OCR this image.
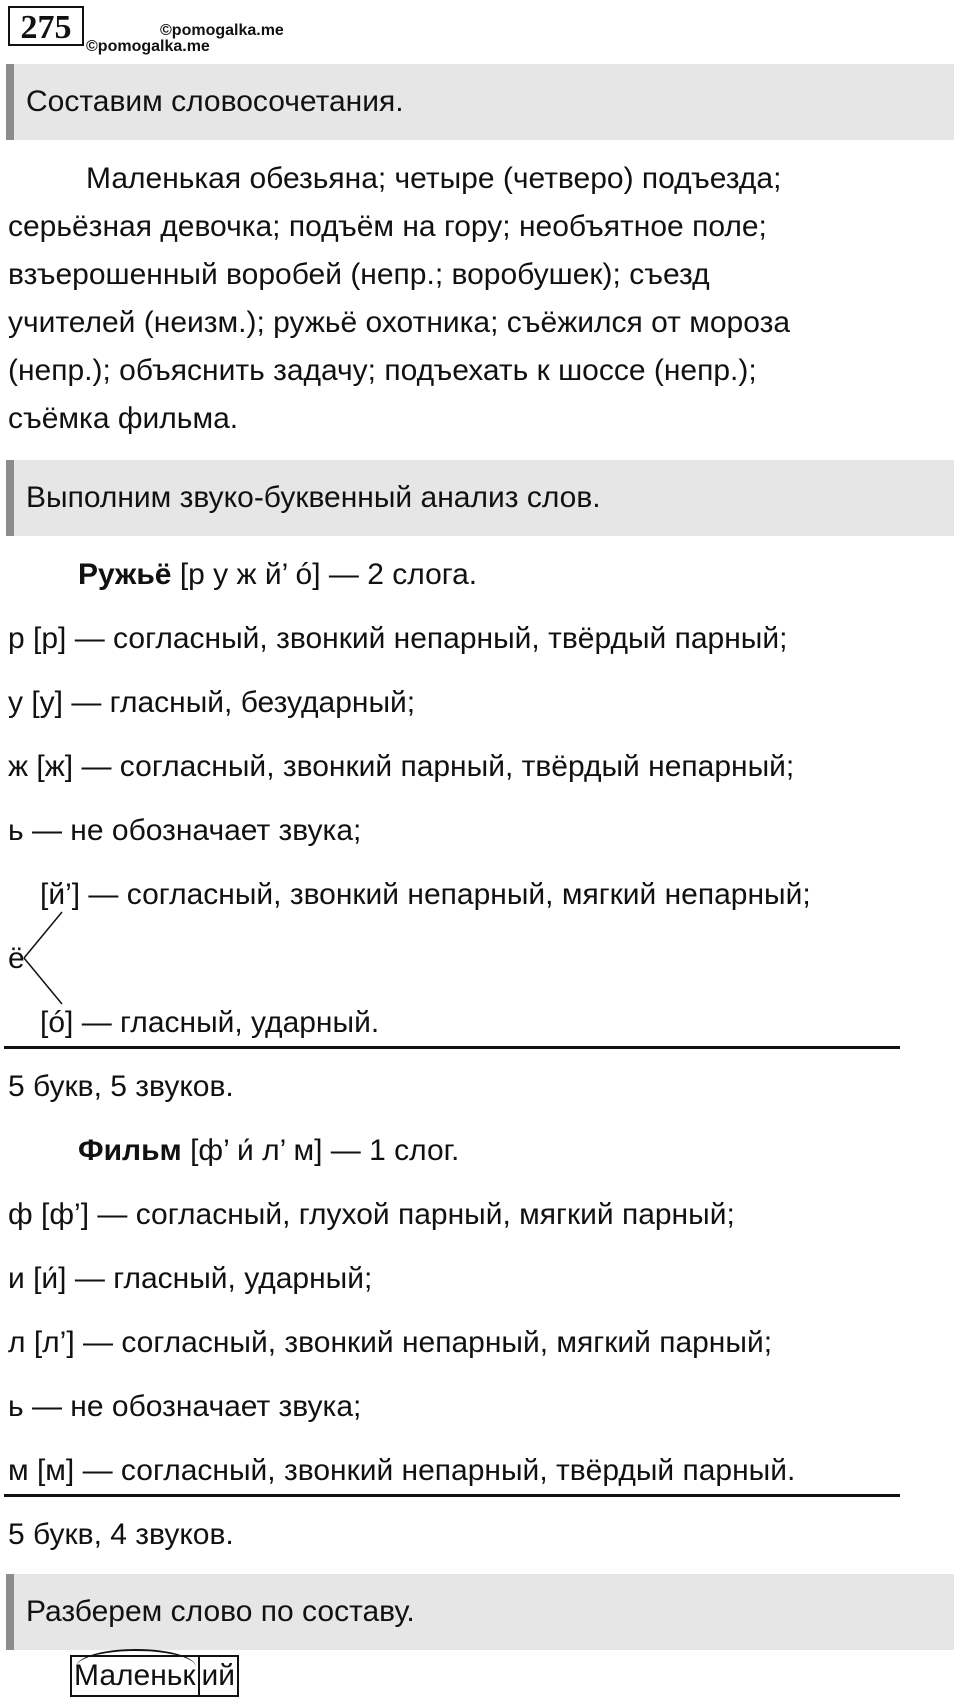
275	©pomogalka.me
©pomogalka.me
Составим словосочетания.
Маленькая обезьяна; четыре (четверо) подъезда;
серьёзная девочка; подъём на гору; необъятное поле;
взъерошенный воробей (непр.; воробушек); съезд
учителей (неизм.); ружьё охотника; съёжился от мороза
(непр.); объяснить задачу; подъехать к шоссе (непр.);
съёмка фильма.
Выполним звуко-буквенный анализ слов.
Ружьё [р у ж й’ ó] — 2 слога.
р [р] — согласный, звонкий непарный, твёрдый парный;
у [у] — гласный, безударный;
ж [ж] — согласный, звонкий парный, твёрдый непарный;
ь — не обозначает звука;
[й’] — согласный, звонкий непарный, мягкий непарный;
ё
[ó] — гласный, ударный.
5 букв, 5 звуков.
Фильм [ф’ и́ л’ м] — 1 слог.
ф [ф’] — согласный, глухой парный, мягкий парный;
и [и́] — гласный, ударный;
л [л’] — согласный, звонкий непарный, мягкий парный;
ь — не обозначает звука;
м [м] — согласный, звонкий непарный, твёрдый парный.
5 букв, 4 звуков.
Разберем слово по составу.
Маленьк ий
